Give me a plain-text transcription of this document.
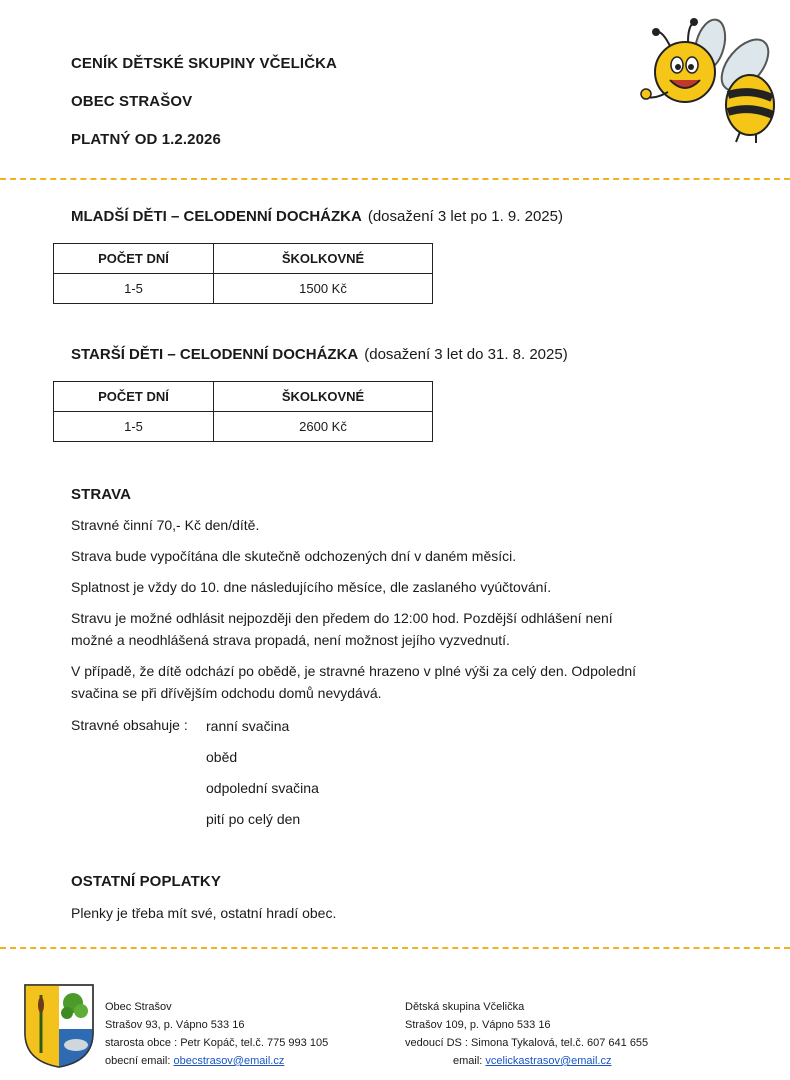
CENÍK DĚTSKÉ SKUPINY VČELIČKA
OBEC STRAŠOV
PLATNÝ OD 1.2.2026
MLADŠÍ DĚTI – CELODENNÍ DOCHÁZKA (dosažení 3 let po 1. 9. 2025)
POČET DNÍ	ŠKOLKOVNÉ
1-5	1500 Kč
STARŠÍ DĚTI – CELODENNÍ DOCHÁZKA (dosažení 3 let do 31. 8. 2025)
POČET DNÍ	ŠKOLKOVNÉ
1-5	2600 Kč
STRAVA
Stravné činní 70,- Kč den/dítě.
Strava bude vypočítána dle skutečně odchozených dní v daném měsíci.
Splatnost je vždy do 10. dne následujícího měsíce, dle zaslaného vyúčtování.
Stravu je možné odhlásit nejpozději den předem do 12:00 hod. Pozdější odhlášení není
možné a neodhlášená strava propadá, není možnost jejího vyzvednutí.
V případě, že dítě odchází po obědě, je stravné hrazeno v plné výši za celý den. Odpolední
svačina se při dřívějším odchodu domů nevydává.
Stravné obsahuje :	ranní svačina
oběd
odpolední svačina
pití po celý den
OSTATNÍ POPLATKY
Plenky je třeba mít své, ostatní hradí obec.
Obec Strašov
Strašov 93, p. Vápno 533 16
starosta obce : Petr Kopáč, tel.č. 775 993 105
obecní email: obecstrasov@email.cz
Dětská skupina Včelička
Strašov 109, p. Vápno 533 16
vedoucí DS : Simona Tykalová, tel.č. 607 641 655
email: vcelickastrasov@email.cz
